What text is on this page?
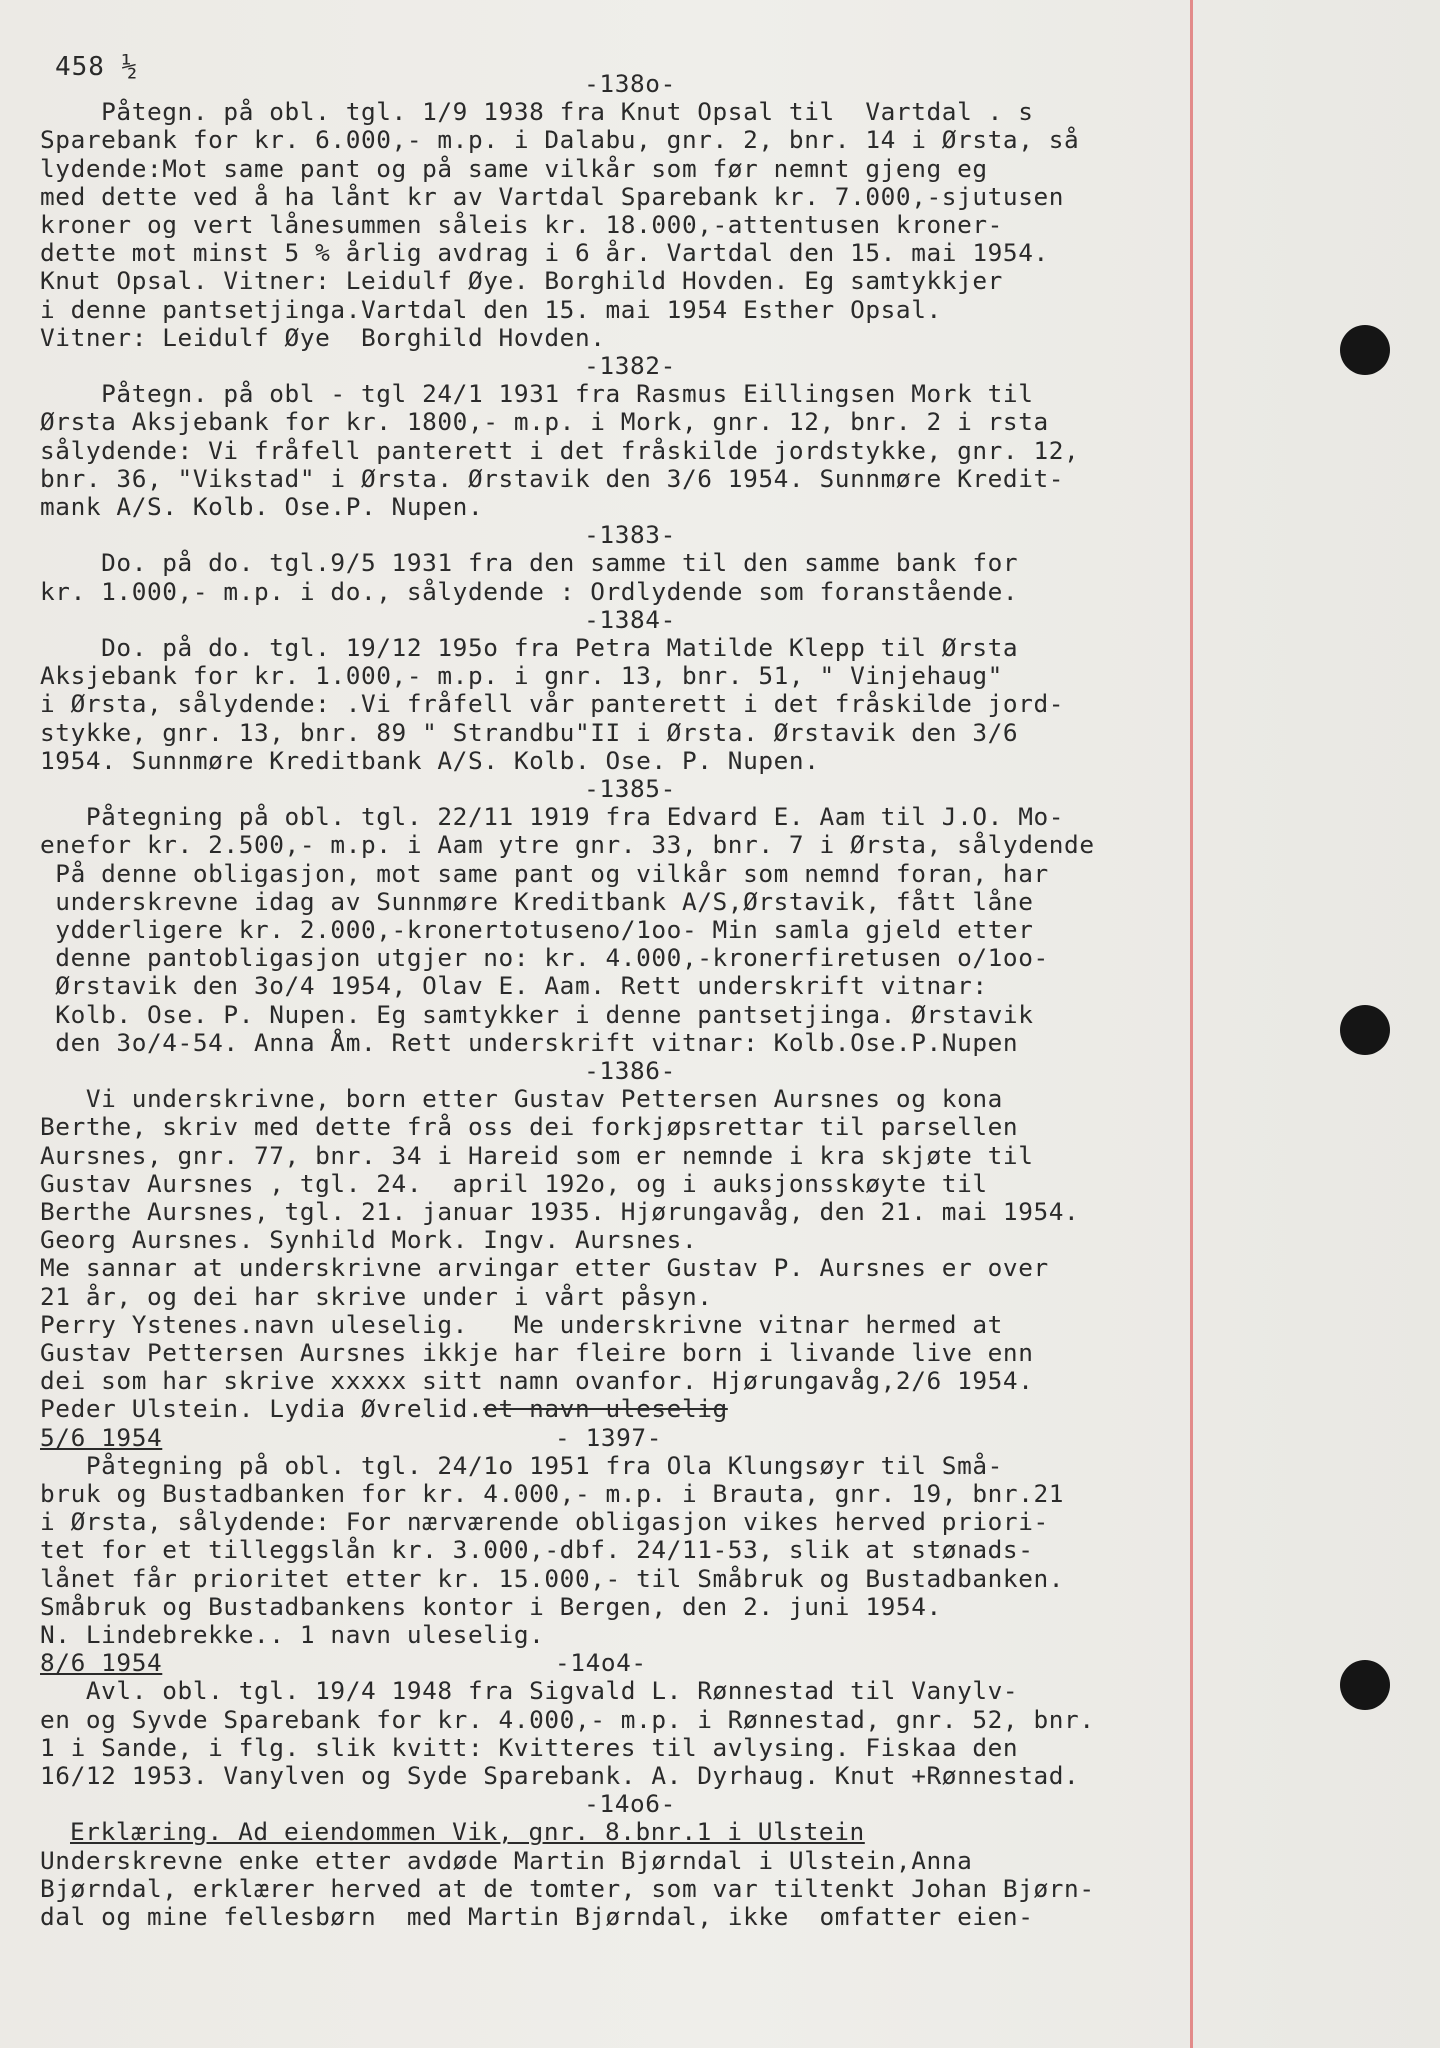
458 ½
-138o-
Påtegn. på obl. tgl. 1/9 1938 fra Knut Opsal til  Vartdal . s
Sparebank for kr. 6.000,- m.p. i Dalabu, gnr. 2, bnr. 14 i Ørsta, så
lydende:Mot same pant og på same vilkår som før nemnt gjeng eg
med dette ved å ha lånt kr av Vartdal Sparebank kr. 7.000,-sjutusen
kroner og vert lånesummen såleis kr. 18.000,-attentusen kroner-
dette mot minst 5 % årlig avdrag i 6 år. Vartdal den 15. mai 1954.
Knut Opsal. Vitner: Leidulf Øye. Borghild Hovden. Eg samtykkjer
i denne pantsetjinga.Vartdal den 15. mai 1954 Esther Opsal.
Vitner: Leidulf Øye  Borghild Hovden.
-1382-
Påtegn. på obl - tgl 24/1 1931 fra Rasmus Eillingsen Mork til
Ørsta Aksjebank for kr. 1800,- m.p. i Mork, gnr. 12, bnr. 2 i rsta
sålydende: Vi fråfell panterett i det fråskilde jordstykke, gnr. 12,
bnr. 36, "Vikstad" i Ørsta. Ørstavik den 3/6 1954. Sunnmøre Kredit-
mank A/S. Kolb. Ose.P. Nupen.
-1383-
Do. på do. tgl.9/5 1931 fra den samme til den samme bank for
kr. 1.000,- m.p. i do., sålydende : Ordlydende som foranstående.
-1384-
Do. på do. tgl. 19/12 195o fra Petra Matilde Klepp til Ørsta
Aksjebank for kr. 1.000,- m.p. i gnr. 13, bnr. 51, " Vinjehaug"
i Ørsta, sålydende: .Vi fråfell vår panterett i det fråskilde jord-
stykke, gnr. 13, bnr. 89 " Strandbu"II i Ørsta. Ørstavik den 3/6
1954. Sunnmøre Kreditbank A/S. Kolb. Ose. P. Nupen.
-1385-
Påtegning på obl. tgl. 22/11 1919 fra Edvard E. Aam til J.O. Mo-
enefor kr. 2.500,- m.p. i Aam ytre gnr. 33, bnr. 7 i Ørsta, sålydende
På denne obligasjon, mot same pant og vilkår som nemnd foran, har
underskrevne idag av Sunnmøre Kreditbank A/S,Ørstavik, fått låne
ydderligere kr. 2.000,-kronertotuseno/1oo- Min samla gjeld etter
denne pantobligasjon utgjer no: kr. 4.000,-kronerfiretusen o/1oo-
Ørstavik den 3o/4 1954, Olav E. Aam. Rett underskrift vitnar:
Kolb. Ose. P. Nupen. Eg samtykker i denne pantsetjinga. Ørstavik
den 3o/4-54. Anna Åm. Rett underskrift vitnar: Kolb.Ose.P.Nupen
-1386-
Vi underskrivne, born etter Gustav Pettersen Aursnes og kona
Berthe, skriv med dette frå oss dei forkjøpsrettar til parsellen
Aursnes, gnr. 77, bnr. 34 i Hareid som er nemnde i kra skjøte til
Gustav Aursnes , tgl. 24.  april 192o, og i auksjonsskøyte til
Berthe Aursnes, tgl. 21. januar 1935. Hjørungavåg, den 21. mai 1954.
Georg Aursnes. Synhild Mork. Ingv. Aursnes.
Me sannar at underskrivne arvingar etter Gustav P. Aursnes er over
21 år, og dei har skrive under i vårt påsyn.
Perry Ystenes.navn uleselig.   Me underskrivne vitnar hermed at
Gustav Pettersen Aursnes ikkje har fleire born i livande live enn
dei som har skrive xxxxx sitt namn ovanfor. Hjørungavåg,2/6 1954.
Peder Ulstein. Lydia Øvrelid.et navn uleselig
5/6 1954	- 1397-
Påtegning på obl. tgl. 24/1o 1951 fra Ola Klungsøyr til Små-
bruk og Bustadbanken for kr. 4.000,- m.p. i Brauta, gnr. 19, bnr.21
i Ørsta, sålydende: For nærværende obligasjon vikes herved priori-
tet for et tilleggslån kr. 3.000,-dbf. 24/11-53, slik at stønads-
lånet får prioritet etter kr. 15.000,- til Småbruk og Bustadbanken.
Småbruk og Bustadbankens kontor i Bergen, den 2. juni 1954.
N. Lindebrekke.. 1 navn uleselig.
8/6 1954	-14o4-
Avl. obl. tgl. 19/4 1948 fra Sigvald L. Rønnestad til Vanylv-
en og Syvde Sparebank for kr. 4.000,- m.p. i Rønnestad, gnr. 52, bnr.
1 i Sande, i flg. slik kvitt: Kvitteres til avlysing. Fiskaa den
16/12 1953. Vanylven og Syde Sparebank. A. Dyrhaug. Knut +Rønnestad.
-14o6-
Erklæring. Ad eiendommen Vik, gnr. 8.bnr.1 i Ulstein
Underskrevne enke etter avdøde Martin Bjørndal i Ulstein,Anna
Bjørndal, erklærer herved at de tomter, som var tiltenkt Johan Bjørn-
dal og mine fellesbørn  med Martin Bjørndal, ikke  omfatter eien-
